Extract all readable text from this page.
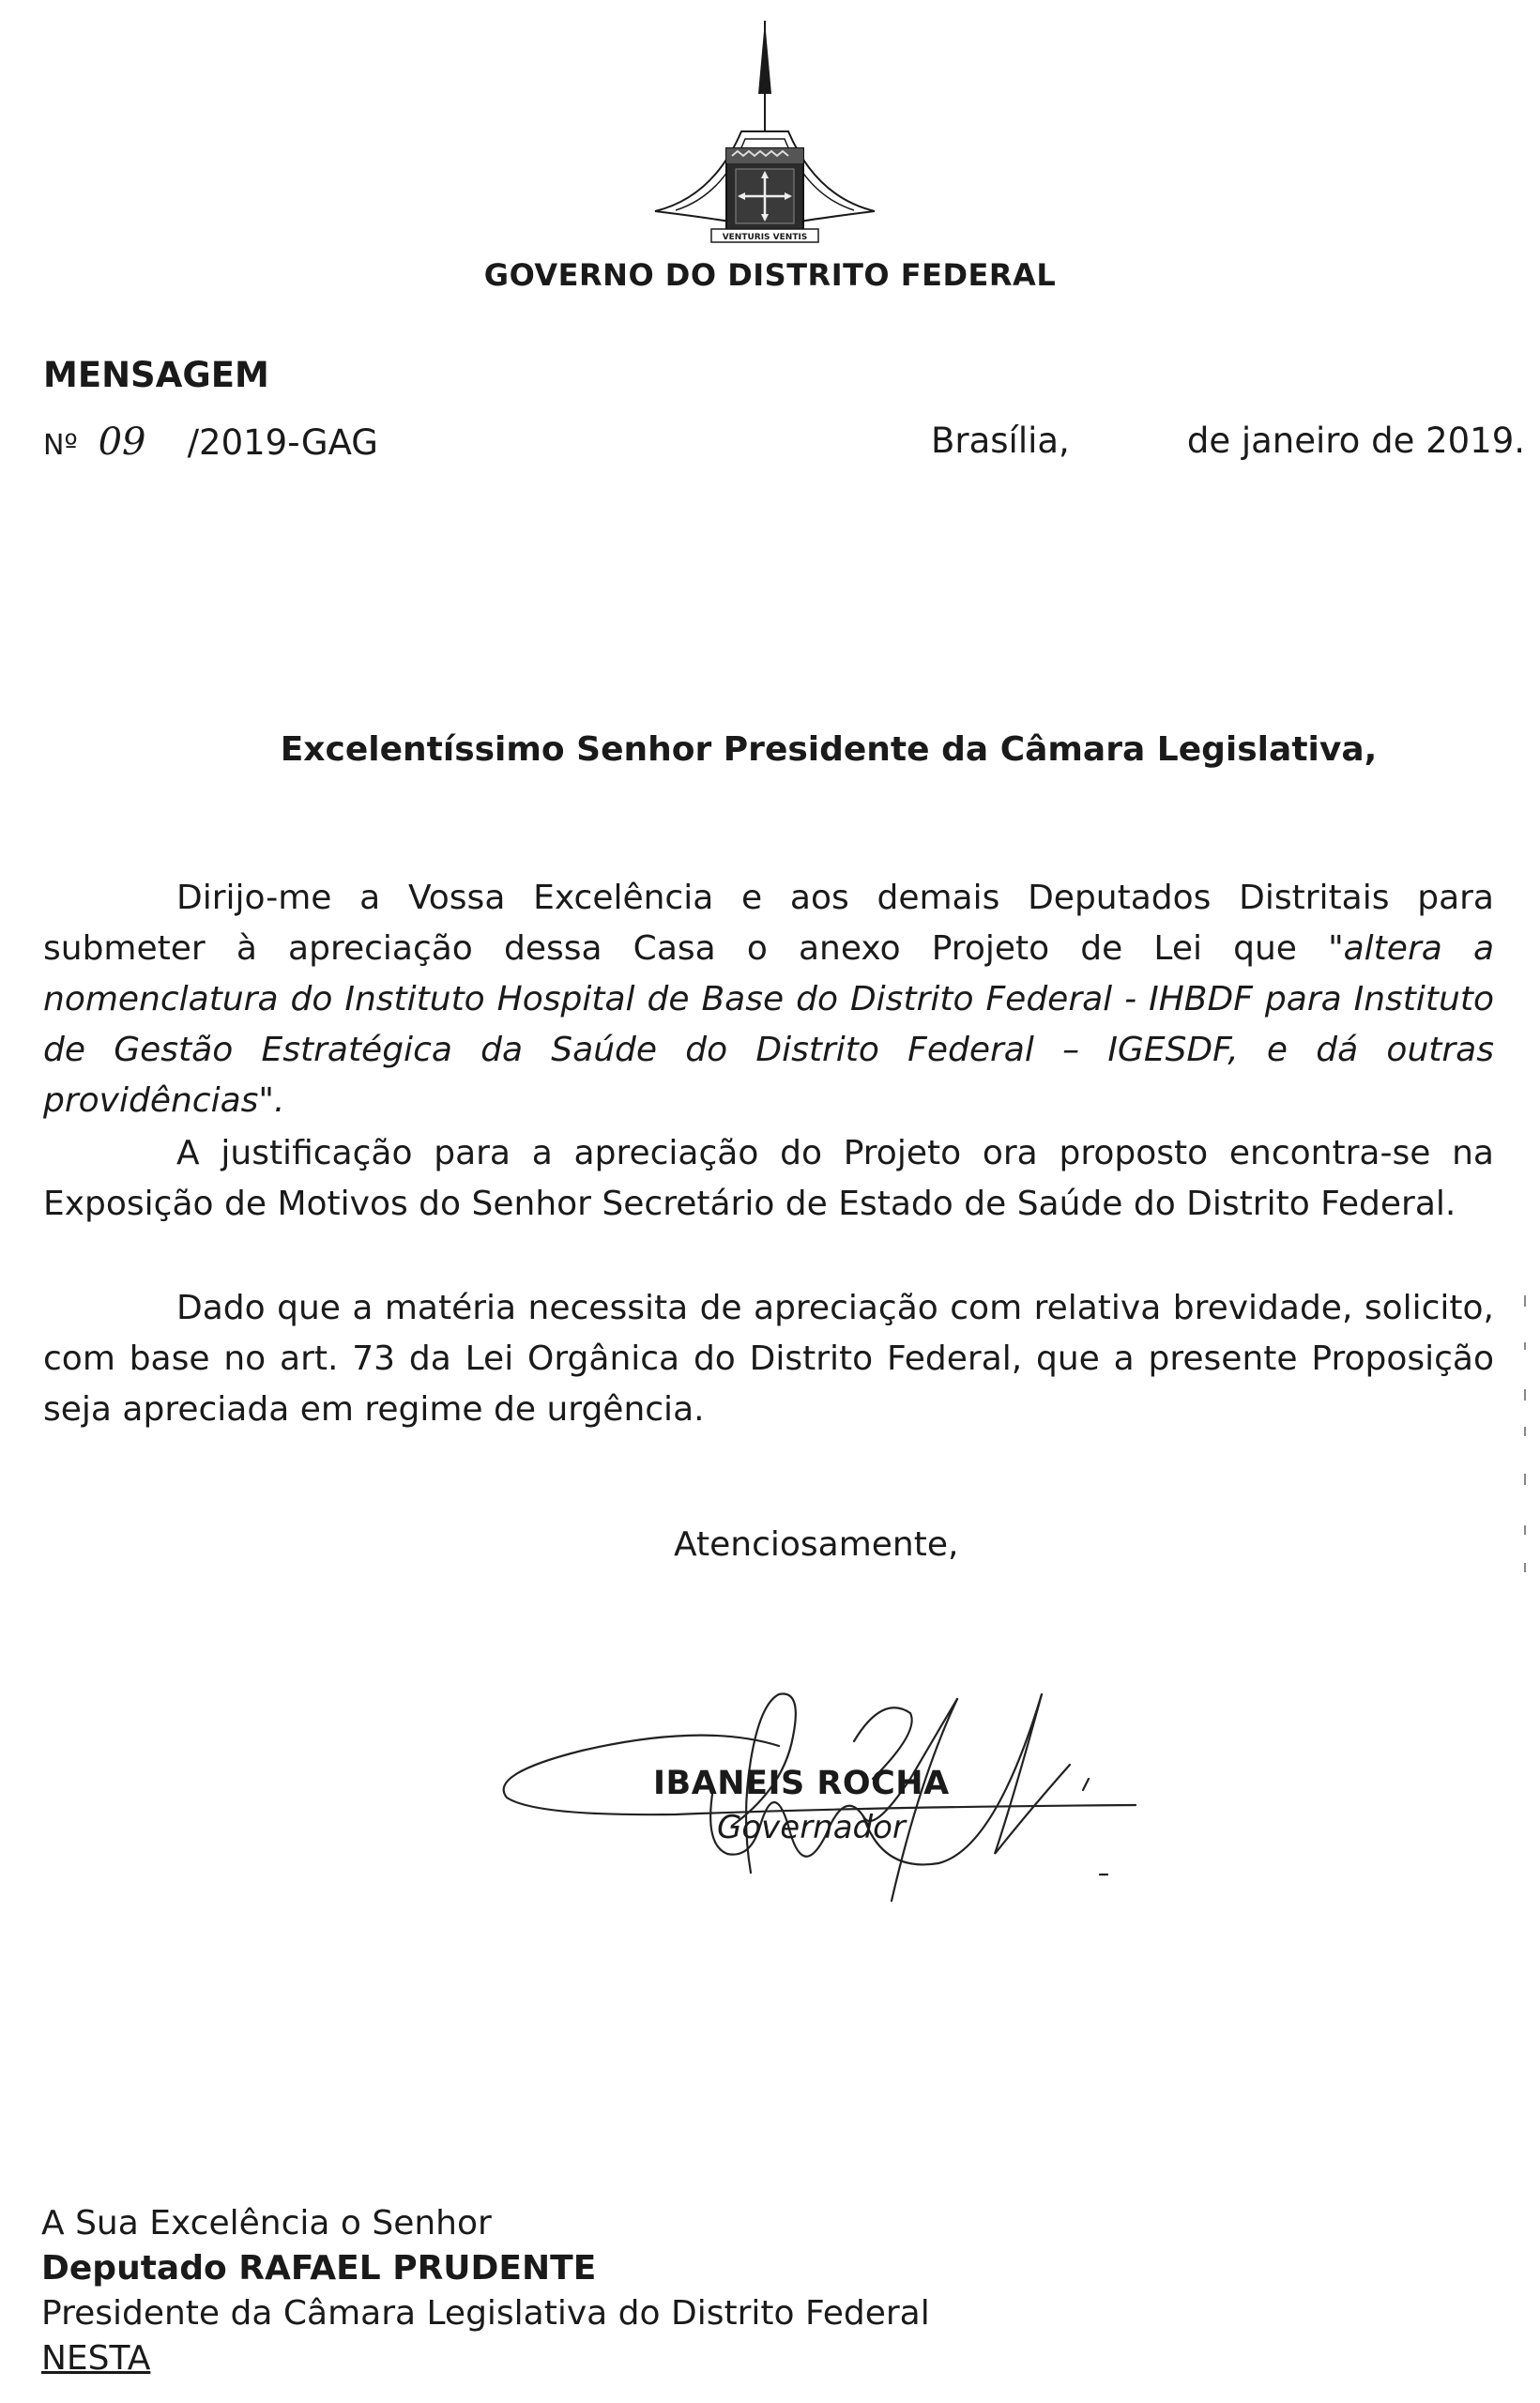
VENTURIS VENTIS

GOVERNO DO DISTRITO FEDERAL

MENSAGEM

Nº 09 /2019-GAG	Brasília,	de janeiro de 2019.

Excelentíssimo Senhor Presidente da Câmara Legislativa,

Dirijo-me a Vossa Excelência e aos demais Deputados Distritais para submeter à apreciação dessa Casa o anexo Projeto de Lei que "altera a nomenclatura do Instituto Hospital de Base do Distrito Federal - IHBDF para Instituto de Gestão Estratégica da Saúde do Distrito Federal – IGESDF, e dá outras providências".

A justificação para a apreciação do Projeto ora proposto encontra-se na Exposição de Motivos do Senhor Secretário de Estado de Saúde do Distrito Federal.

Dado que a matéria necessita de apreciação com relativa brevidade, solicito, com base no art. 73 da Lei Orgânica do Distrito Federal, que a presente Proposição seja apreciada em regime de urgência.

Atenciosamente,

IBANEIS ROCHA

Governador

A Sua Excelência o Senhor

Deputado RAFAEL PRUDENTE

Presidente da Câmara Legislativa do Distrito Federal

NESTA
